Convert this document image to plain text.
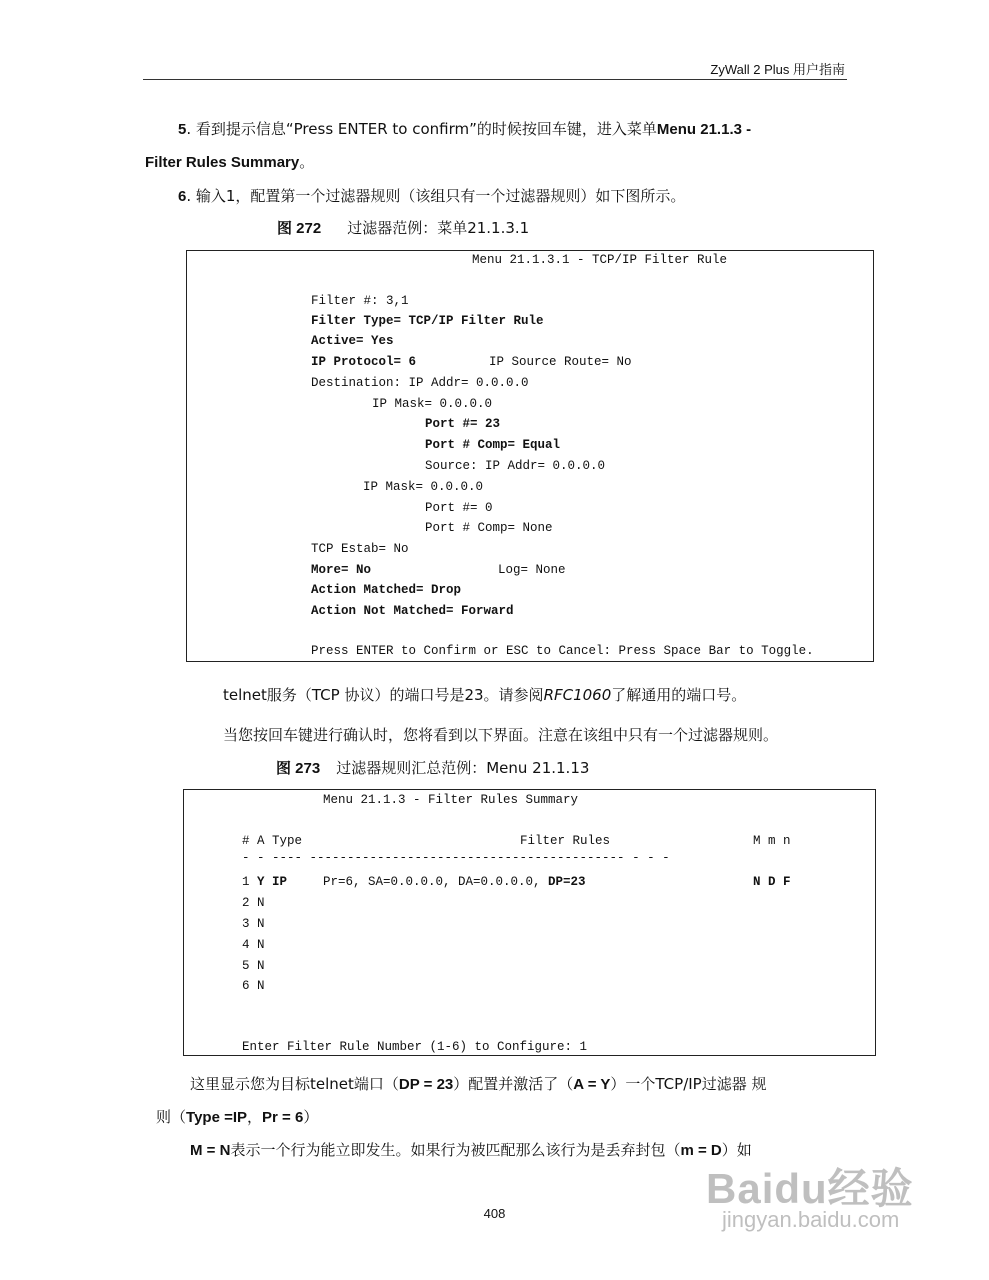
ZyWall 2 Plus 用户指南
5. 看到提示信息“Press ENTER to confirm”的时候按回车键，进入菜单Menu 21.1.3 -
Filter Rules Summary。
6. 输入1，配置第一个过滤器规则（该组只有一个过滤器规则）如下图所示。
图 272 过滤器范例：菜单21.1.3.1
Menu 21.1.3.1 - TCP/IP Filter Rule
Filter #: 3,1
Filter Type= TCP/IP Filter Rule
Active= Yes
IP Protocol= 6	IP Source Route= No
Destination: IP Addr= 0.0.0.0
IP Mask= 0.0.0.0
Port #= 23
Port # Comp= Equal
Source: IP Addr= 0.0.0.0
IP Mask= 0.0.0.0
Port #= 0
Port # Comp= None
TCP Estab= No
More= No	Log= None
Action Matched= Drop
Action Not Matched= Forward
Press ENTER to Confirm or ESC to Cancel: Press Space Bar to Toggle.
telnet服务（TCP 协议）的端口号是23。请参阅RFC1060了解通用的端口号。
当您按回车键进行确认时，您将看到以下界面。注意在该组中只有一个过滤器规则。
图 273 过滤器规则汇总范例：Menu 21.1.13
Menu 21.1.3 - Filter Rules Summary
# A Type	Filter Rules	M m n
- - ---- ------------------------------------------ - - -
1 Y IP	Pr=6, SA=0.0.0.0, DA=0.0.0.0, DP=23	N D F
2 N
3 N
4 N
5 N
6 N
Enter Filter Rule Number (1-6) to Configure: 1
这里显示您为目标telnet端口（DP = 23）配置并激活了（A = Y）一个TCP/IP过滤器 规
则（Type =IP，Pr = 6）
M = N表示一个行为能立即发生。如果行为被匹配那么该行为是丢弃封包（m = D）如
408
Baidu经验
jingyan.baidu.com
